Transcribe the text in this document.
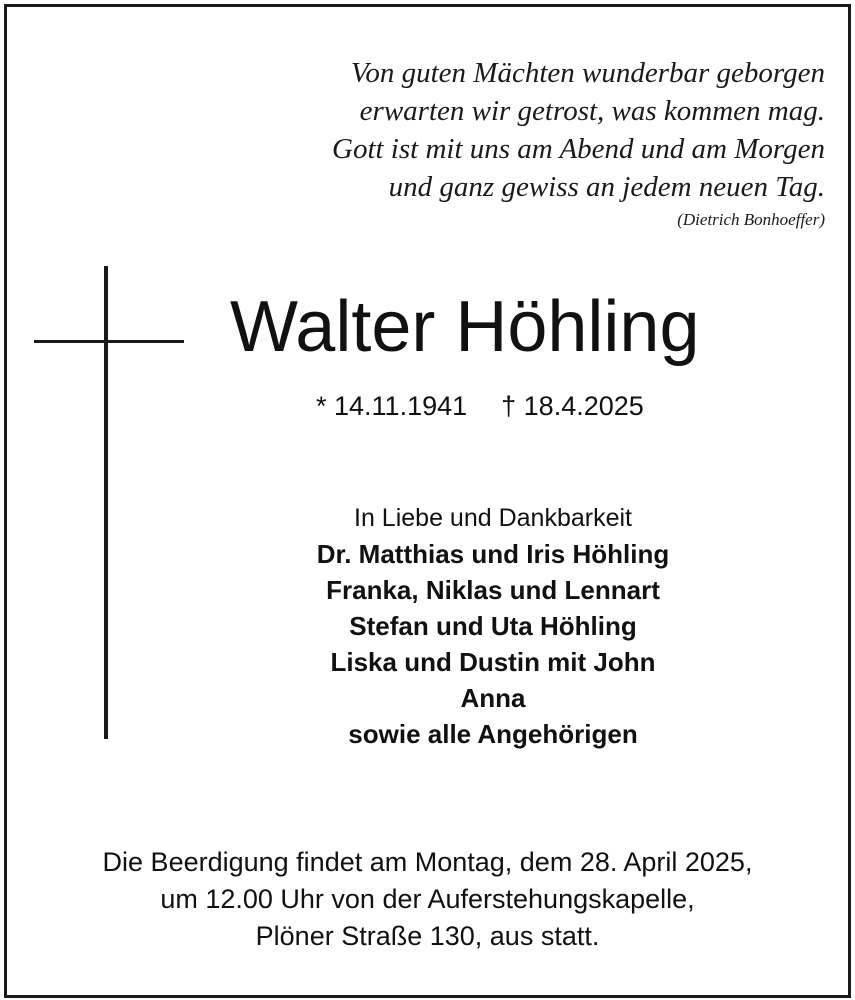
Von guten Mächten wunderbar geborgen
erwarten wir getrost, was kommen mag.
Gott ist mit uns am Abend und am Morgen
und ganz gewiss an jedem neuen Tag.
(Dietrich Bonhoeffer)
Walter Höhling
* 14.11.1941 † 18.4.2025
In Liebe und Dankbarkeit
Dr. Matthias und Iris Höhling
Franka, Niklas und Lennart
Stefan und Uta Höhling
Liska und Dustin mit John
Anna
sowie alle Angehörigen
Die Beerdigung findet am Montag, dem 28. April 2025,
um 12.00 Uhr von der Auferstehungskapelle,
Plöner Straße 130, aus statt.
